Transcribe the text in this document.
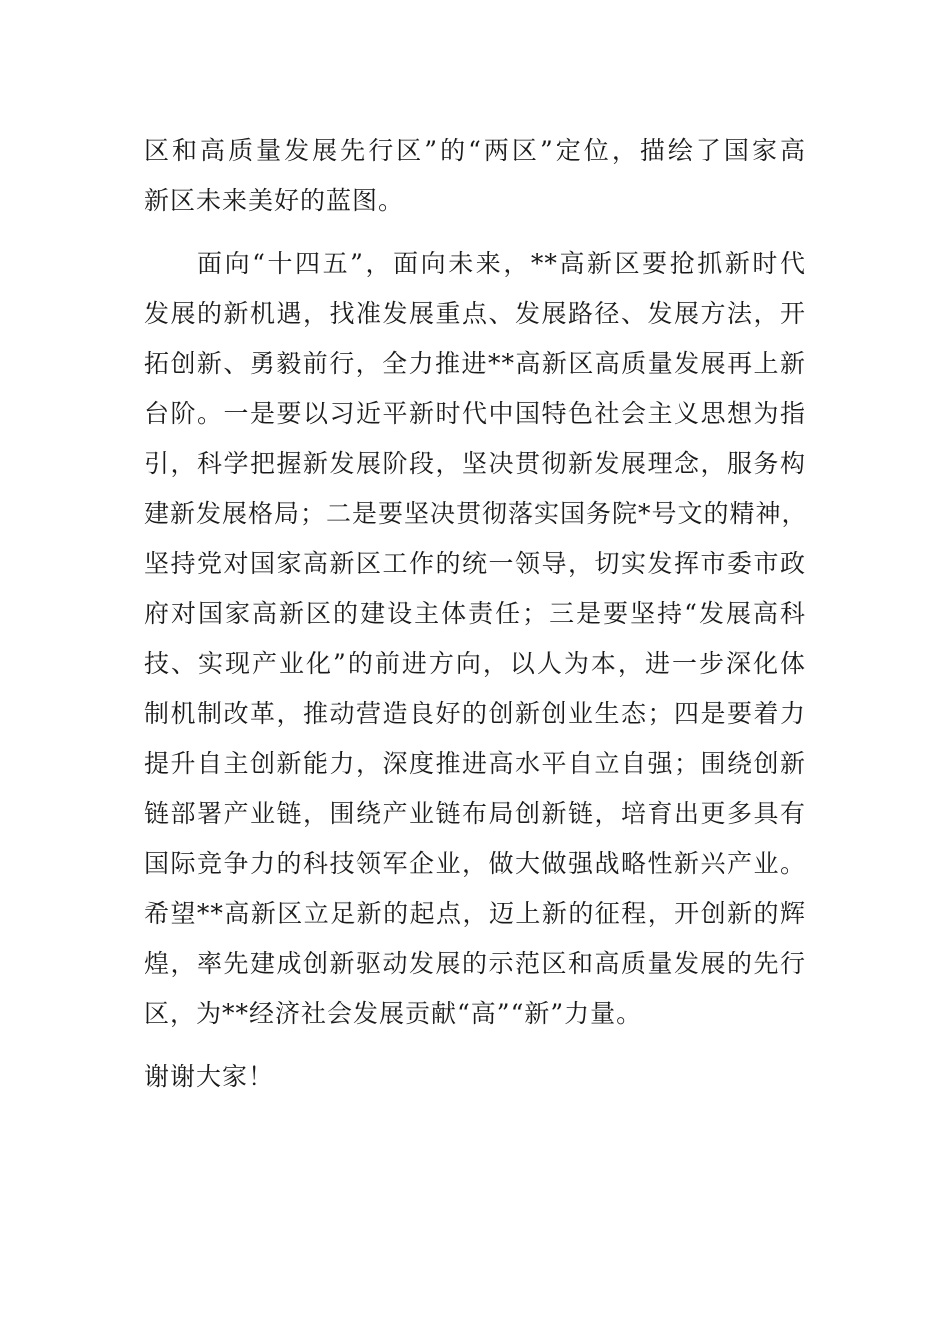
区和高质量发展先行区”的“两区”定位，描绘了国家高
新区未来美好的蓝图。
面向“十四五”，面向未来，**高新区要抢抓新时代
发展的新机遇，找准发展重点、发展路径、发展方法，开
拓创新、勇毅前行，全力推进**高新区高质量发展再上新
台阶。一是要以习近平新时代中国特色社会主义思想为指
引，科学把握新发展阶段，坚决贯彻新发展理念，服务构
建新发展格局；二是要坚决贯彻落实国务院*号文的精神，
坚持党对国家高新区工作的统一领导，切实发挥市委市政
府对国家高新区的建设主体责任；三是要坚持“发展高科
技、实现产业化”的前进方向，以人为本，进一步深化体
制机制改革，推动营造良好的创新创业生态；四是要着力
提升自主创新能力，深度推进高水平自立自强；围绕创新
链部署产业链，围绕产业链布局创新链，培育出更多具有
国际竞争力的科技领军企业，做大做强战略性新兴产业。
希望**高新区立足新的起点，迈上新的征程，开创新的辉
煌，率先建成创新驱动发展的示范区和高质量发展的先行
区，为**经济社会发展贡献“高”“新”力量。
谢谢大家！
